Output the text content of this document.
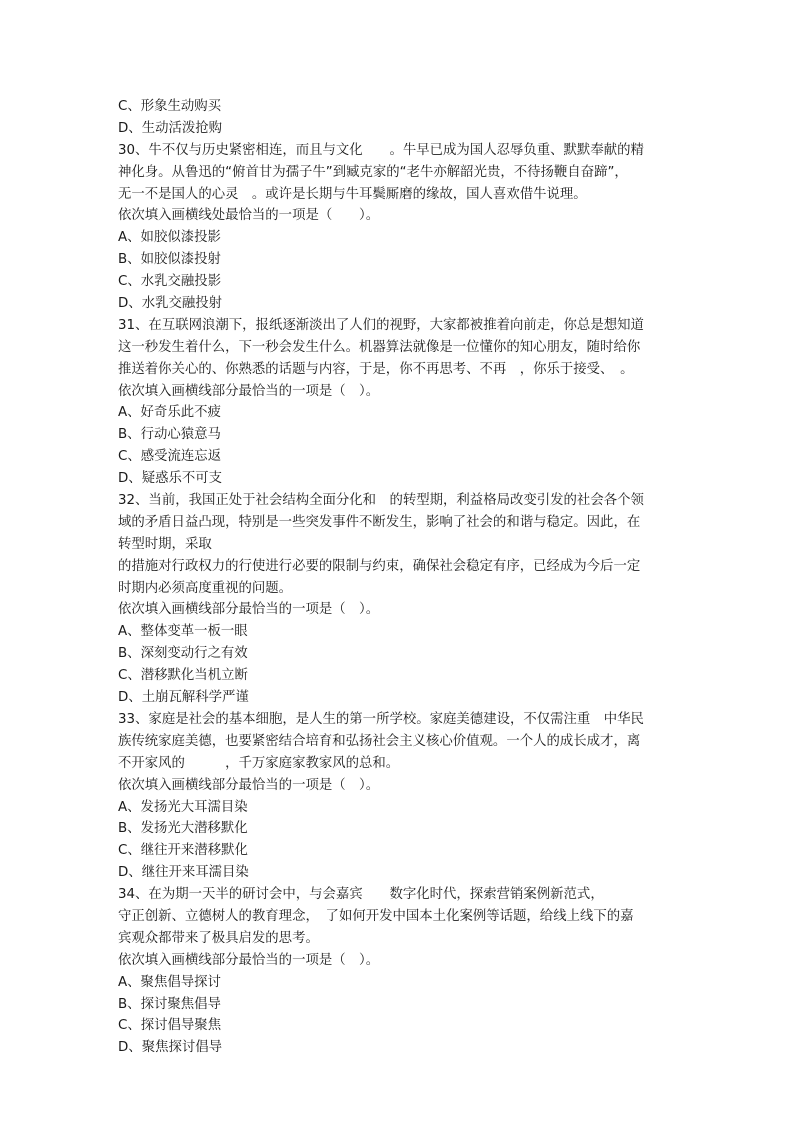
C、形象生动购买
D、生动活泼抢购
30、牛不仅与历史紧密相连，而且与文化　　。牛早已成为国人忍辱负重、默默奉献的精
神化身。从鲁迅的“俯首甘为孺子牛”到臧克家的“老牛亦解韶光贵，不待扬鞭自奋蹄”，
无一不是国人的心灵　。或许是长期与牛耳鬓厮磨的缘故，国人喜欢借牛说理。
依次填入画横线处最恰当的一项是（　　）。
A、如胶似漆投影
B、如胶似漆投射
C、水乳交融投影
D、水乳交融投射
31、在互联网浪潮下，报纸逐渐淡出了人们的视野，大家都被推着向前走，你总是想知道
这一秒发生着什么，下一秒会发生什么。机器算法就像是一位懂你的知心朋友，随时给你
推送着你关心的、你熟悉的话题与内容，于是，你不再思考、不再　，你乐于接受、　。
依次填入画横线部分最恰当的一项是（　）。
A、好奇乐此不疲
B、行动心猿意马
C、感受流连忘返
D、疑惑乐不可支
32、当前，我国正处于社会结构全面分化和　的转型期，利益格局改变引发的社会各个领
域的矛盾日益凸现，特别是一些突发事件不断发生，影响了社会的和谐与稳定。因此，在
转型时期，采取
的措施对行政权力的行使进行必要的限制与约束，确保社会稳定有序，已经成为今后一定
时期内必须高度重视的问题。
依次填入画横线部分最恰当的一项是（　）。
A、整体变革一板一眼
B、深刻变动行之有效
C、潜移默化当机立断
D、土崩瓦解科学严谨
33、家庭是社会的基本细胞，是人生的第一所学校。家庭美德建设，不仅需注重　中华民
族传统家庭美德，也要紧密结合培育和弘扬社会主义核心价值观。一个人的成长成才，离
不开家风的　　　，千万家庭家教家风的总和。
依次填入画横线部分最恰当的一项是（　）。
A、发扬光大耳濡目染
B、发扬光大潜移默化
C、继往开来潜移默化
D、继往开来耳濡目染
34、在为期一天半的研讨会中，与会嘉宾　　数字化时代，探索营销案例新范式，
守正创新、立德树人的教育理念，　了如何开发中国本土化案例等话题，给线上线下的嘉
宾观众都带来了极具启发的思考。
依次填入画横线部分最恰当的一项是（　）。
A、聚焦倡导探讨
B、探讨聚焦倡导
C、探讨倡导聚焦
D、聚焦探讨倡导
